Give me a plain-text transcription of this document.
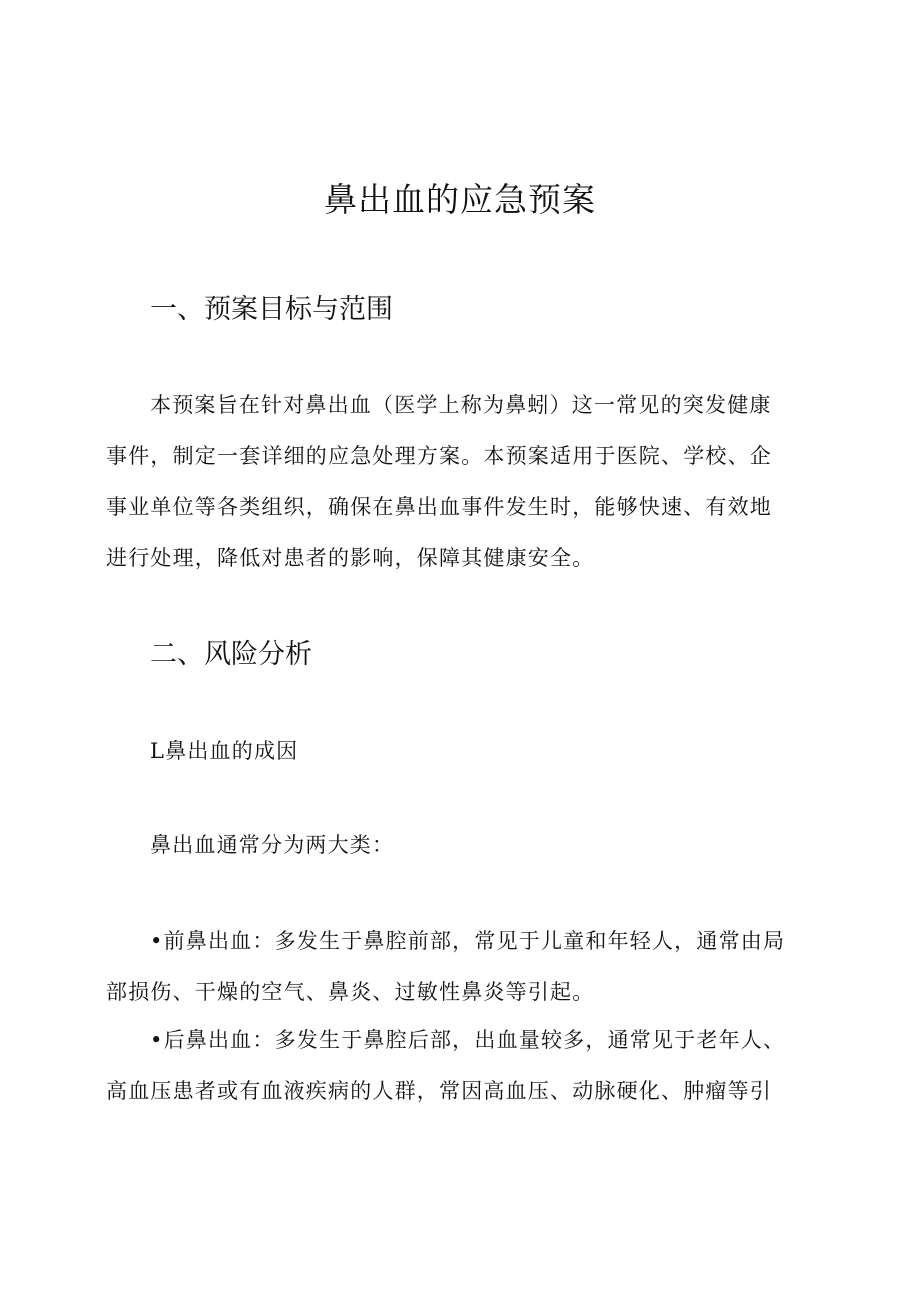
鼻出血的应急预案
一、预案目标与范围

本预案旨在针对鼻出血（医学上称为鼻蚓）这一常见的突发健康
事件，制定一套详细的应急处理方案。本预案适用于医院、学校、企
事业单位等各类组织，确保在鼻出血事件发生时，能够快速、有效地
进行处理，降低对患者的影响，保障其健康安全。

二、风险分析

L鼻出血的成因

鼻出血通常分为两大类：

•前鼻出血：多发生于鼻腔前部，常见于儿童和年轻人，通常由局
部损伤、干燥的空气、鼻炎、过敏性鼻炎等引起。

•后鼻出血：多发生于鼻腔后部，出血量较多，通常见于老年人、
高血压患者或有血液疾病的人群，常因高血压、动脉硬化、肿瘤等引
